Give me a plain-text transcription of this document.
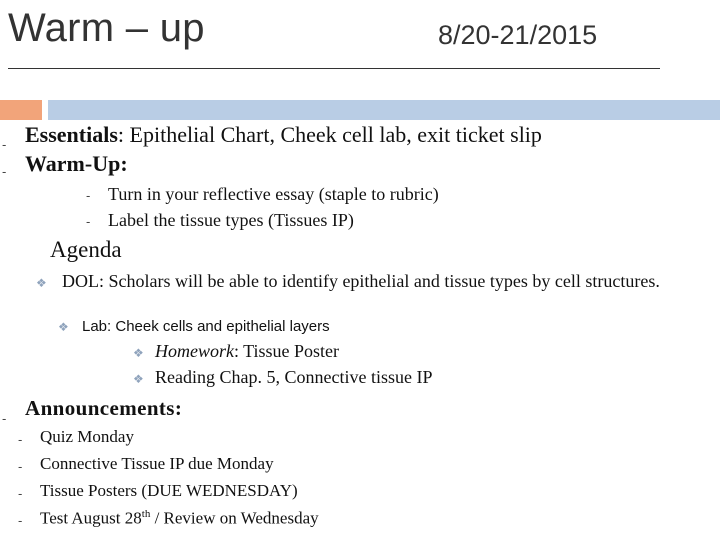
Warm – up	8/20-21/2015
- Essentials: Epithelial Chart, Cheek cell lab, exit ticket slip
- Warm-Up:
- Turn in your reflective essay (staple to rubric)
- Label the tissue types (Tissues IP)
Agenda
❖ DOL: Scholars will be able to identify epithelial and tissue types by cell structures.
❖ Lab: Cheek cells and epithelial layers
❖ Homework: Tissue Poster
❖ Reading Chap. 5, Connective tissue IP
- Announcements:
- Quiz Monday
- Connective Tissue IP due Monday
- Tissue Posters (DUE WEDNESDAY)
- Test August 28th / Review on Wednesday
